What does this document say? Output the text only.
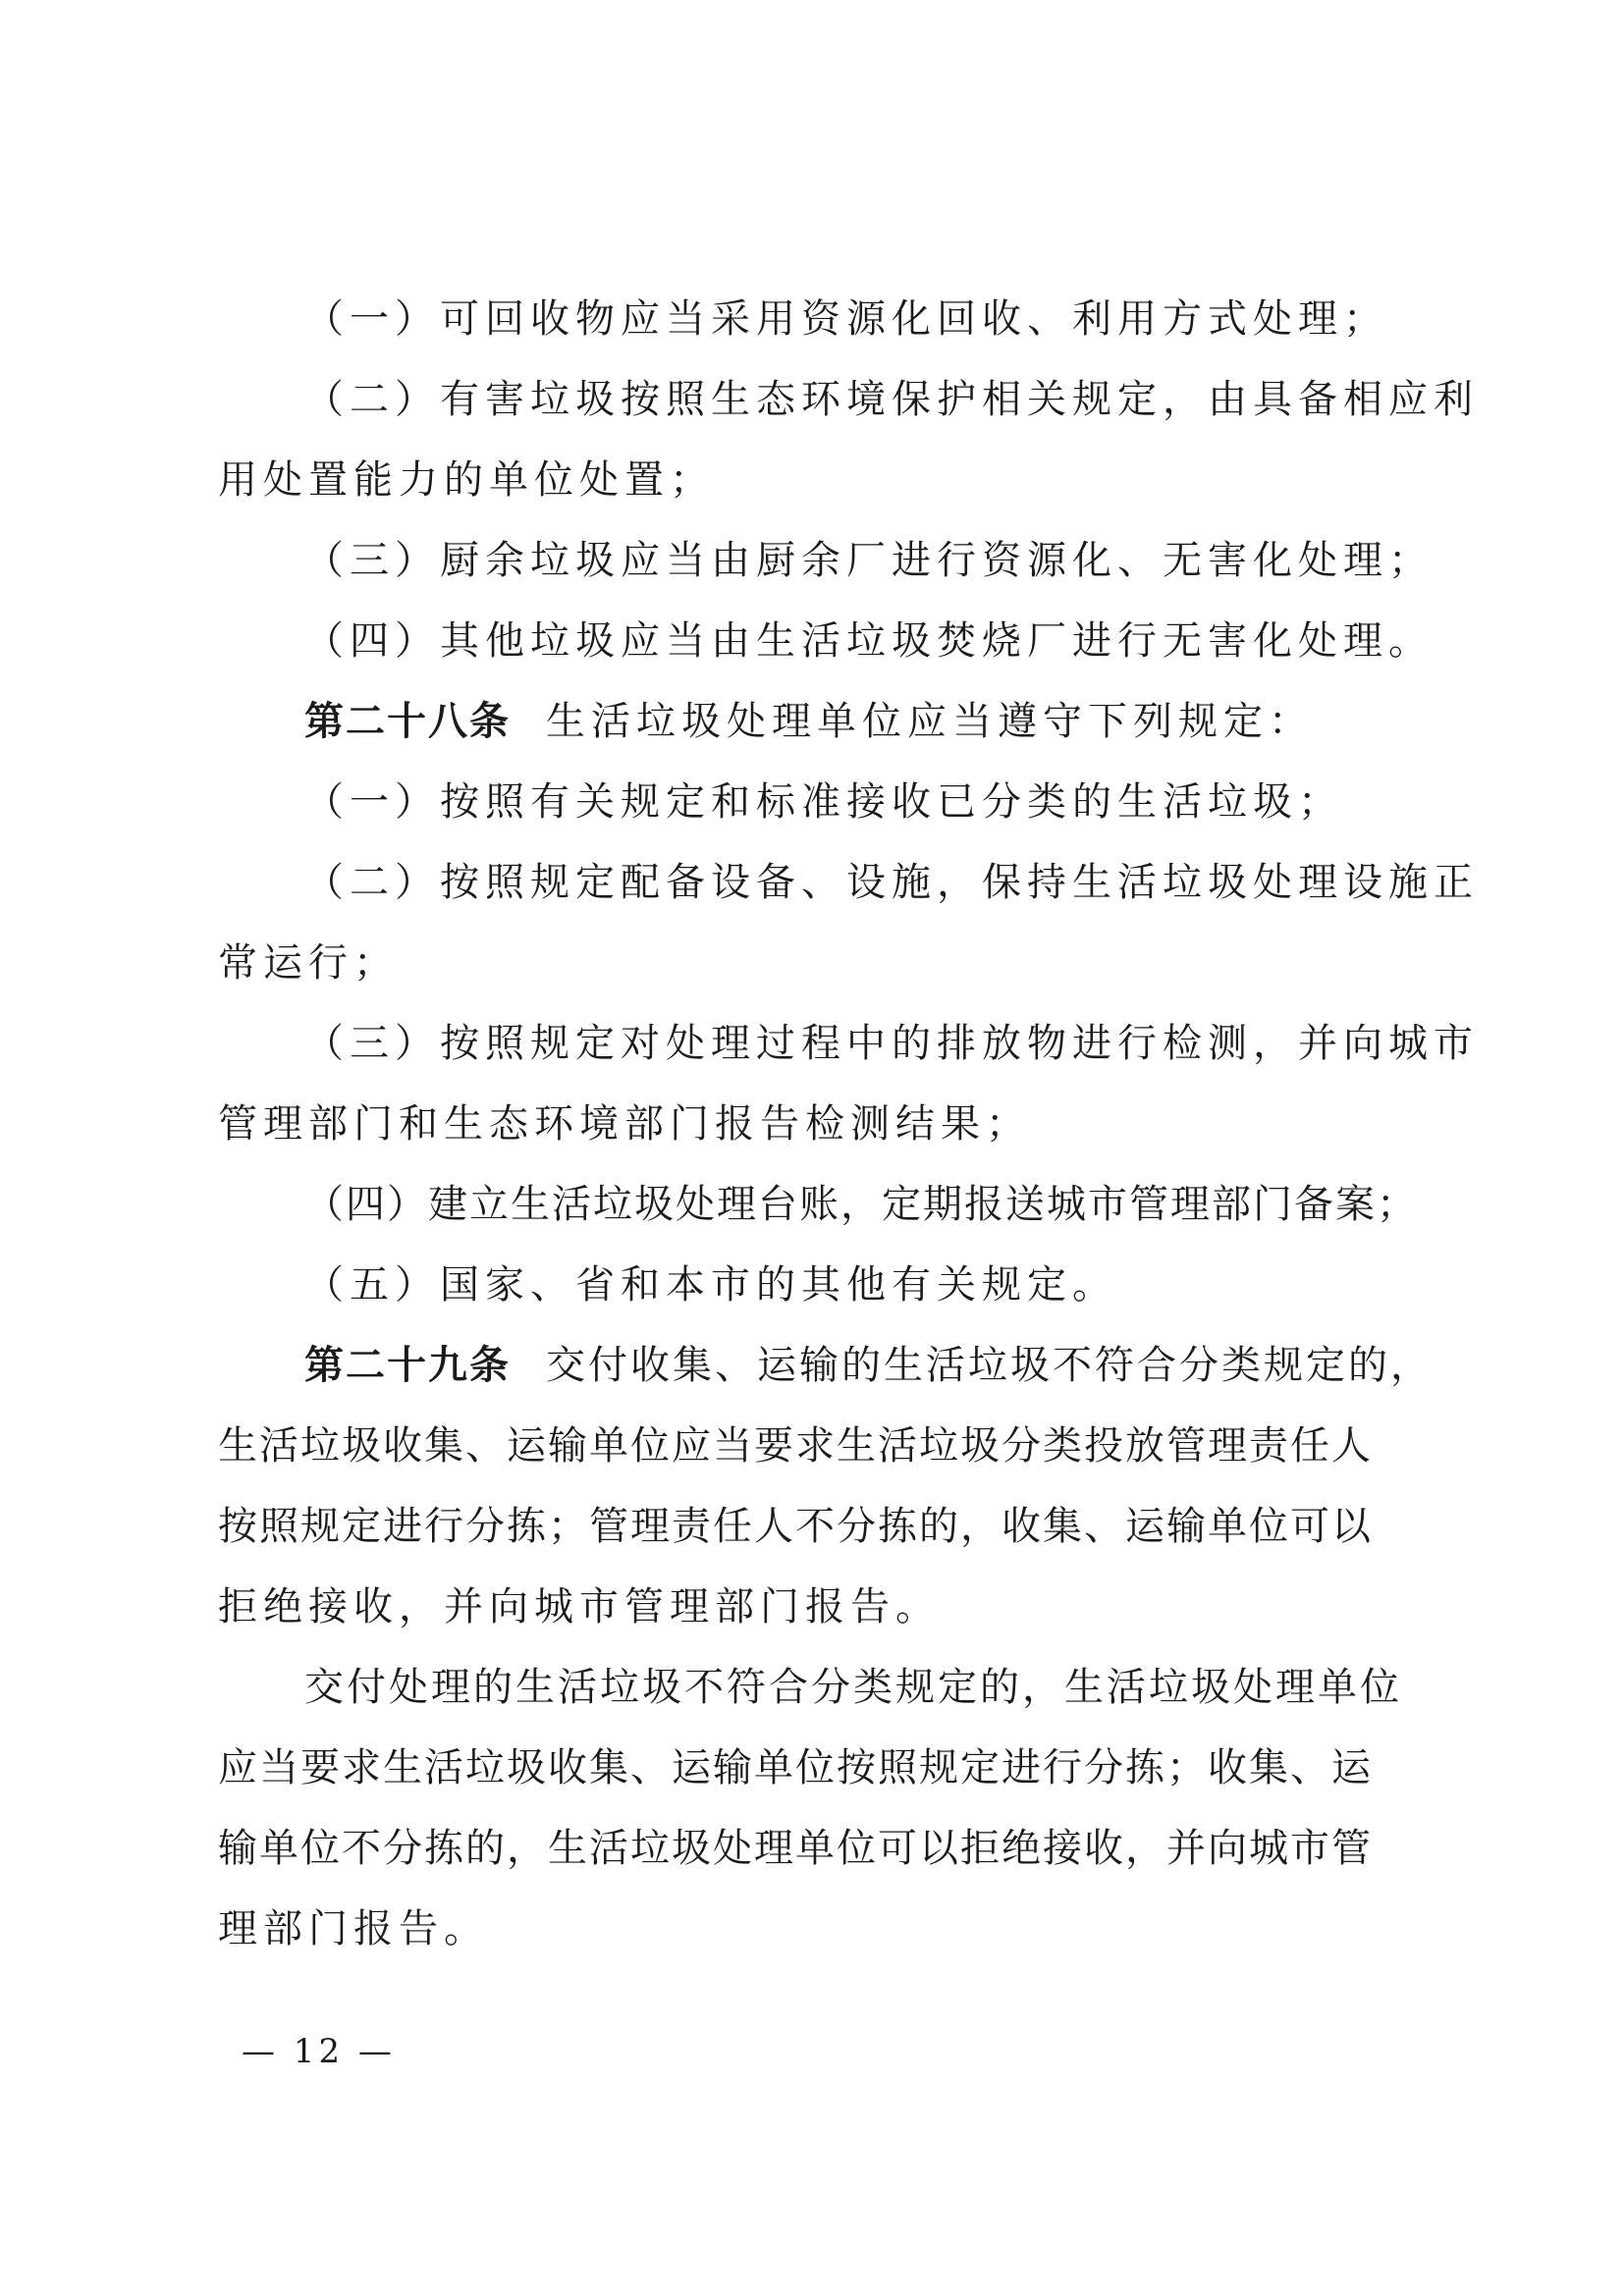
（一）可回收物应当采用资源化回收、利用方式处理；
（二）有害垃圾按照生态环境保护相关规定，由具备相应利
用处置能力的单位处置；
（三）厨余垃圾应当由厨余厂进行资源化、无害化处理；
（四）其他垃圾应当由生活垃圾焚烧厂进行无害化处理。
第二十八条 生活垃圾处理单位应当遵守下列规定：
（一）按照有关规定和标准接收已分类的生活垃圾；
（二）按照规定配备设备、设施，保持生活垃圾处理设施正
常运行；
（三）按照规定对处理过程中的排放物进行检测，并向城市
管理部门和生态环境部门报告检测结果；
（四）建立生活垃圾处理台账，定期报送城市管理部门备案；
（五）国家、省和本市的其他有关规定。
第二十九条 交付收集、运输的生活垃圾不符合分类规定的，
生活垃圾收集、运输单位应当要求生活垃圾分类投放管理责任人
按照规定进行分拣；管理责任人不分拣的，收集、运输单位可以
拒绝接收，并向城市管理部门报告。
交付处理的生活垃圾不符合分类规定的，生活垃圾处理单位
应当要求生活垃圾收集、运输单位按照规定进行分拣；收集、运
输单位不分拣的，生活垃圾处理单位可以拒绝接收，并向城市管
理部门报告。
— 12 —
